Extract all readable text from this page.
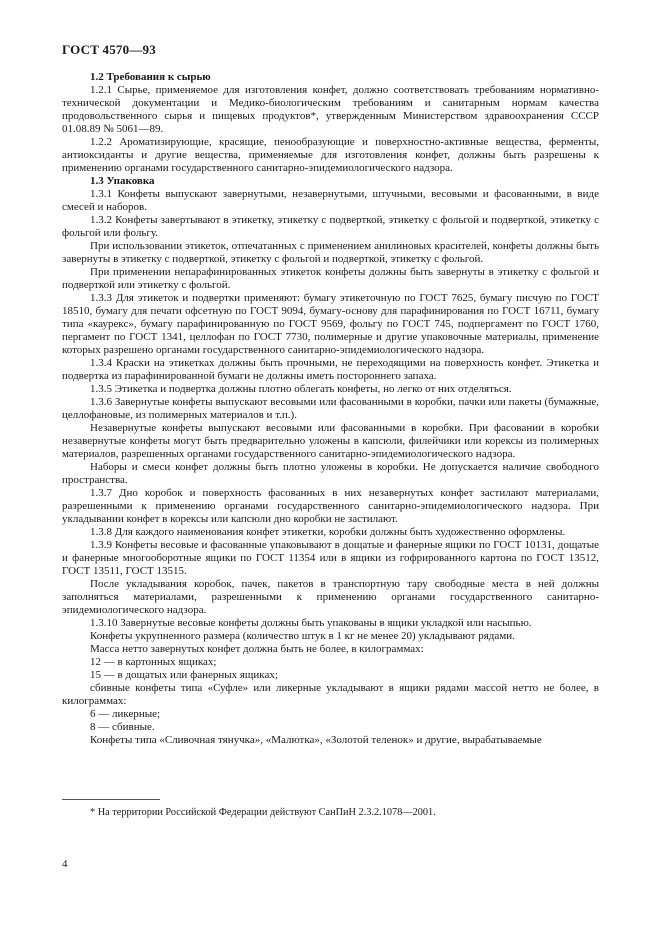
ГОСТ 4570—93

1.2 Требования к сырью

1.2.1 Сырье, применяемое для изготовления конфет, должно соответствовать требованиям нормативно-технической документации и Медико-биологическим требованиям и санитарным нормам качества продовольственного сырья и пищевых продуктов*, утвержденным Министерством здравоохранения СССР 01.08.89 № 5061—89.

1.2.2 Ароматизирующие, красящие, пенообразующие и поверхностно-активные вещества, ферменты, антиоксиданты и другие вещества, применяемые для изготовления конфет, должны быть разрешены к применению органами государственного санитарно-эпидемиологического надзора.

1.3 Упаковка

1.3.1 Конфеты выпускают завернутыми, незавернутыми, штучными, весовыми и фасованными, в виде смесей и наборов.

1.3.2 Конфеты завертывают в этикетку, этикетку с подверткой, этикетку с фольгой и подверткой, этикетку с фольгой или фольгу.

При использовании этикеток, отпечатанных с применением анилиновых красителей, конфеты должны быть завернуты в этикетку с подверткой, этикетку с фольгой и подверткой, этикетку с фольгой.

При применении непарафинированных этикеток конфеты должны быть завернуты в этикетку с фольгой и подверткой или этикетку с фольгой.

1.3.3 Для этикеток и подвертки применяют: бумагу этикеточную по ГОСТ 7625, бумагу писчую по ГОСТ 18510, бумагу для печати офсетную по ГОСТ 9094, бумагу-основу для парафинирования по ГОСТ 16711, бумагу типа «каурекс», бумагу парафинированную по ГОСТ 9569, фольгу по ГОСТ 745, подпергамент по ГОСТ 1760, пергамент по ГОСТ 1341, целлофан по ГОСТ 7730, полимерные и другие упаковочные материалы, применение которых разрешено органами государственного санитарно-эпидемиологического надзора.

1.3.4 Краски на этикетках должны быть прочными, не переходящими на поверхность конфет. Этикетка и подвертка из парафинированной бумаги не должны иметь постороннего запаха.

1.3.5 Этикетка и подвертка должны плотно облегать конфеты, но легко от них отделяться.

1.3.6 Завернутые конфеты выпускают весовыми или фасованными в коробки, пачки или пакеты (бумажные, целлофановые, из полимерных материалов и т.п.).

Незавернутые конфеты выпускают весовыми или фасованными в коробки. При фасовании в коробки незавернутые конфеты могут быть предварительно уложены в капсюли, филейчики или корексы из полимерных материалов, разрешенных органами государственного санитарно-эпидемиологического надзора.

Наборы и смеси конфет должны быть плотно уложены в коробки. Не допускается наличие свободного пространства.

1.3.7 Дно коробок и поверхность фасованных в них незавернутых конфет застилают материалами, разрешенными к применению органами государственного санитарно-эпидемиологического надзора. При укладывании конфет в корексы или капсюли дно коробки не застилают.

1.3.8 Для каждого наименования конфет этикетки, коробки должны быть художественно оформлены.

1.3.9 Конфеты весовые и фасованные упаковывают в дощатые и фанерные ящики по ГОСТ 10131, дощатые и фанерные многооборотные ящики по ГОСТ 11354 или в ящики из гофрированного картона по ГОСТ 13512, ГОСТ 13511, ГОСТ 13515.

После укладывания коробок, пачек, пакетов в транспортную тару свободные места в ней должны заполняться материалами, разрешенными к применению органами государственного санитарно-эпидемиологического надзора.

1.3.10 Завернутые весовые конфеты должны быть упакованы в ящики укладкой или насыпью.

Конфеты укрупненного размера (количество штук в 1 кг не менее 20) укладывают рядами.

Масса нетто завернутых конфет должна быть не более, в килограммах:

12 — в картонных ящиках;

15 — в дощатых или фанерных ящиках;

сбивные конфеты типа «Суфле» или ликерные укладывают в ящики рядами массой нетто не более, в килограммах:

6 — ликерные;

8 — сбивные.

Конфеты типа «Сливочная тянучка», «Малютка», «Золотой теленок» и другие, вырабатываемые

* На территории Российской Федерации действуют СанПиН 2.3.2.1078—2001.
4
